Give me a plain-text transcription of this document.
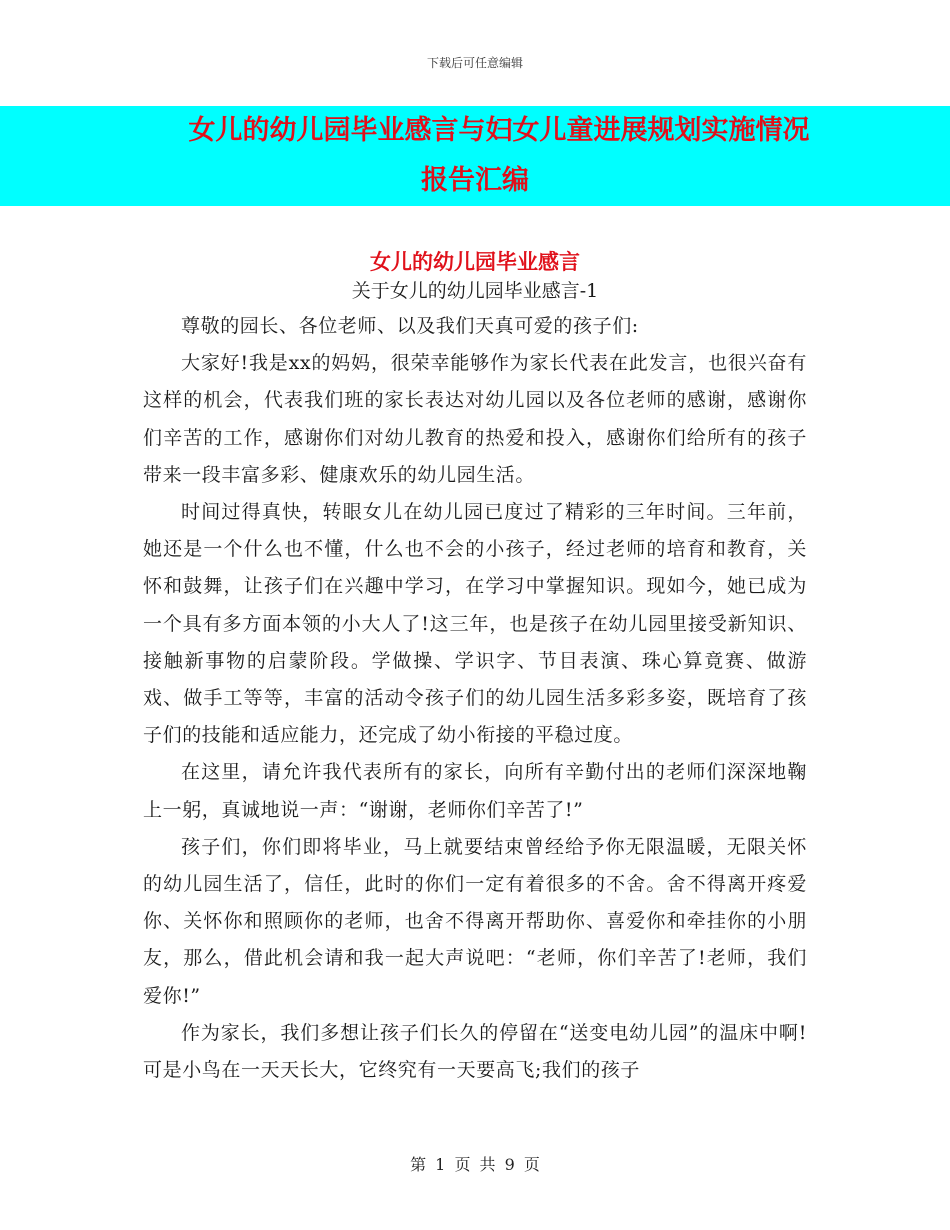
下载后可任意编辑
女儿的幼儿园毕业感言与妇女儿童进展规划实施情况
报告汇编
女儿的幼儿园毕业感言
关于女儿的幼儿园毕业感言-1

尊敬的园长、各位老师、以及我们天真可爱的孩子们:

大家好!我是xx的妈妈，很荣幸能够作为家长代表在此发言，也很兴奋有这样的机会，代表我们班的家长表达对幼儿园以及各位老师的感谢，感谢你们辛苦的工作，感谢你们对幼儿教育的热爱和投入，感谢你们给所有的孩子带来一段丰富多彩、健康欢乐的幼儿园生活。

时间过得真快，转眼女儿在幼儿园已度过了精彩的三年时间。三年前，她还是一个什么也不懂，什么也不会的小孩子，经过老师的培育和教育，关怀和鼓舞，让孩子们在兴趣中学习，在学习中掌握知识。现如今，她已成为一个具有多方面本领的小大人了!这三年，也是孩子在幼儿园里接受新知识、接触新事物的启蒙阶段。学做操、学识字、节目表演、珠心算竟赛、做游戏、做手工等等，丰富的活动令孩子们的幼儿园生活多彩多姿，既培育了孩子们的技能和适应能力，还完成了幼小衔接的平稳过度。

在这里，请允许我代表所有的家长，向所有辛勤付出的老师们深深地鞠上一躬，真诚地说一声：“谢谢，老师你们辛苦了!”

孩子们，你们即将毕业，马上就要结束曾经给予你无限温暖，无限关怀的幼儿园生活了，信任，此时的你们一定有着很多的不舍。舍不得离开疼爱你、关怀你和照顾你的老师，也舍不得离开帮助你、喜爱你和牵挂你的小朋友，那么，借此机会请和我一起大声说吧：“老师，你们辛苦了!老师，我们爱你!”

作为家长，我们多想让孩子们长久的停留在“送变电幼儿园”的温床中啊!可是小鸟在一天天长大，它终究有一天要高飞;我们的孩子

第 1 页 共 9 页
